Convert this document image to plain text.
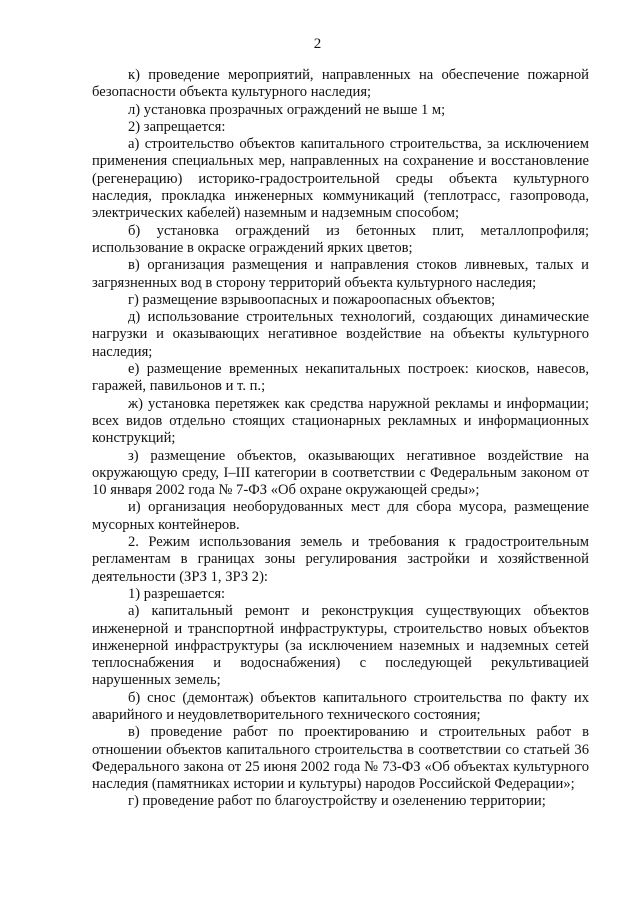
2

к) проведение мероприятий, направленных на обеспечение пожарной безопасности объекта культурного наследия;

л) установка прозрачных ограждений не выше 1 м;

2) запрещается:

а) строительство объектов капитального строительства, за исключением применения специальных мер, направленных на сохранение и восстановление (регенерацию) историко-градостроительной среды объекта культурного наследия, прокладка инженерных коммуникаций (теплотрасс, газопровода, электрических кабелей) наземным и надземным способом;

б) установка ограждений из бетонных плит, металлопрофиля; использование в окраске ограждений ярких цветов;

в) организация размещения и направления стоков ливневых, талых и загрязненных вод в сторону территорий объекта культурного наследия;

г) размещение взрывоопасных и пожароопасных объектов;

д) использование строительных технологий, создающих динамические нагрузки и оказывающих негативное воздействие на объекты культурного наследия;

е) размещение временных некапитальных построек: киосков, навесов, гаражей, павильонов и т. п.;

ж) установка перетяжек как средства наружной рекламы и информации; всех видов отдельно стоящих стационарных рекламных и информационных конструкций;

з) размещение объектов, оказывающих негативное воздействие на окружающую среду, I–III категории в соответствии с Федеральным законом от 10 января 2002 года № 7-ФЗ «Об охране окружающей среды»;

и) организация необорудованных мест для сбора мусора, размещение мусорных контейнеров.

2. Режим использования земель и требования к градостроительным регламентам в границах зоны регулирования застройки и хозяйственной деятельности (ЗРЗ 1, ЗРЗ 2):

1) разрешается:

а) капитальный ремонт и реконструкция существующих объектов инженерной и транспортной инфраструктуры, строительство новых объектов инженерной инфраструктуры (за исключением наземных и надземных сетей теплоснабжения и водоснабжения) с последующей рекультивацией нарушенных земель;

б) снос (демонтаж) объектов капитального строительства по факту их аварийного и неудовлетворительного технического состояния;

в) проведение работ по проектированию и строительных работ в отношении объектов капитального строительства в соответствии со статьей 36 Федерального закона от 25 июня 2002 года № 73-ФЗ «Об объектах культурного наследия (памятниках истории и культуры) народов Российской Федерации»;

г) проведение работ по благоустройству и озеленению территории;
